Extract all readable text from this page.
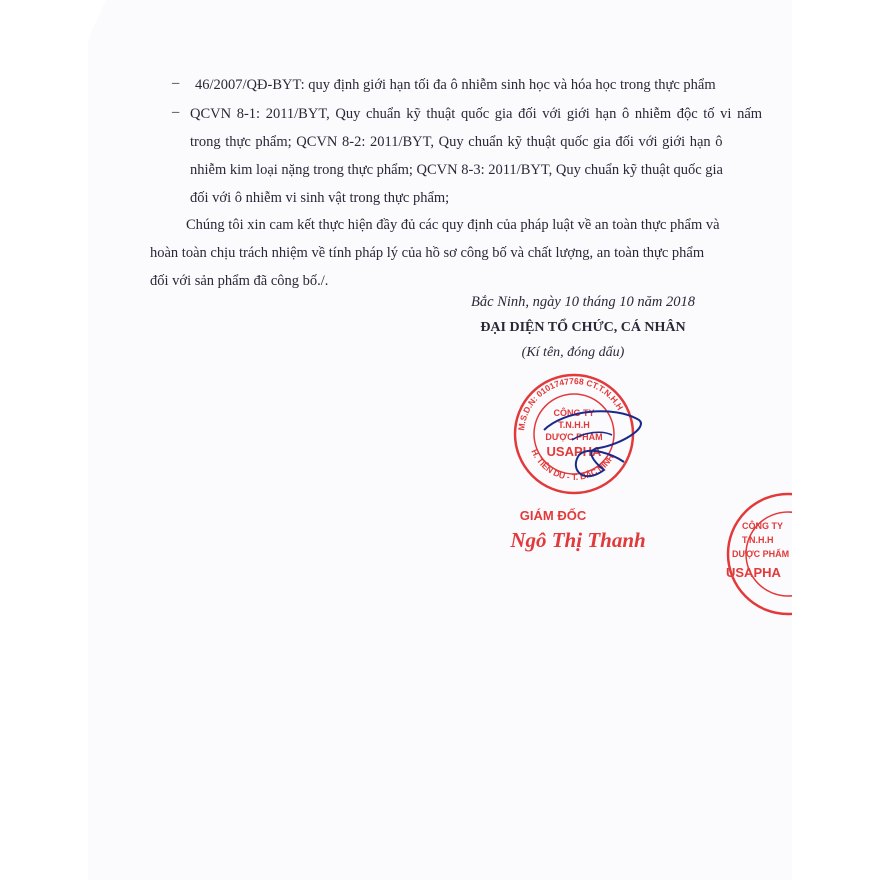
– 46/2007/QĐ-BYT: quy định giới hạn tối đa ô nhiễm sinh học và hóa học trong thực phẩm
– QCVN 8-1: 2011/BYT, Quy chuẩn kỹ thuật quốc gia đối với giới hạn ô nhiễm độc tố vi nấm
trong thực phẩm; QCVN 8-2: 2011/BYT, Quy chuẩn kỹ thuật quốc gia đối với giới hạn ô
nhiễm kim loại nặng trong thực phẩm; QCVN 8-3: 2011/BYT, Quy chuẩn kỹ thuật quốc gia
đối với ô nhiễm vi sinh vật trong thực phẩm;
Chúng tôi xin cam kết thực hiện đầy đủ các quy định của pháp luật về an toàn thực phẩm và
hoàn toàn chịu trách nhiệm về tính pháp lý của hồ sơ công bố và chất lượng, an toàn thực phẩm
đối với sản phẩm đã công bố./.
Bắc Ninh, ngày 10 tháng 10 năm 2018
ĐẠI DIỆN TỔ CHỨC, CÁ NHÂN
(Kí tên, đóng dấu)
M.S.D.N: 0101747768 CT.T.N.H.H
H. TIÊN DU - T. BẮC NINH
CÔNG TY
T.N.H.H
DƯỢC PHẨM
USAPHA
GIÁM ĐỐC
Ngô Thị Thanh
CÔNG TY
T.N.H.H
DƯỢC PHẨM
USAPHA
